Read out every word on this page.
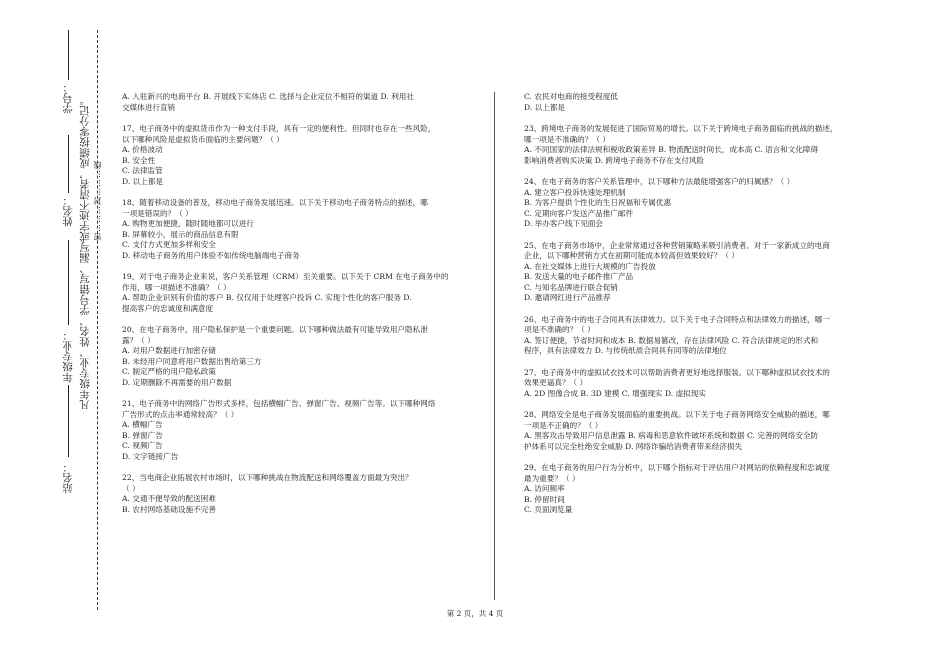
学号：
姓名：
年级专业：
站名：
凡年级专业、姓名、学号错写、漏写或字迹不清者，成绩按零分记。 密………封………线

A. 入驻新兴的电商平台 B. 开展线下实体店 C. 选择与企业定位不相符的渠道 D. 利用社

交媒体进行直销

17、电子商务中的虚拟货币作为一种支付手段，具有一定的便利性。但同时也存在一些风险，

以下哪种风险是虚拟货币面临的主要问题？（ ）

A. 价格波动

B. 安全性

C. 法律监管

D. 以上都是

18、随着移动设备的普及，移动电子商务发展迅速。以下关于移动电子商务特点的描述，哪

一项是错误的？（ ）

A. 购物更加便捷，随时随地都可以进行

B. 屏幕较小，展示的商品信息有限

C. 支付方式更加多样和安全

D. 移动电子商务的用户体验不如传统电脑端电子商务

19、对于电子商务企业来说，客户关系管理（CRM）至关重要。以下关于 CRM 在电子商务中的

作用，哪一项描述不准确？（ ）

A. 帮助企业识别有价值的客户 B. 仅仅用于处理客户投诉 C. 实现个性化的客户服务 D.

提高客户的忠诚度和满意度

20、在电子商务中，用户隐私保护是一个重要问题。以下哪种做法最有可能导致用户隐私泄

露？（ ）

A. 对用户数据进行加密存储

B. 未经用户同意将用户数据出售给第三方

C. 制定严格的用户隐私政策

D. 定期删除不再需要的用户数据

21、电子商务中的网络广告形式多样，包括横幅广告、弹窗广告、视频广告等。以下哪种网络

广告形式的点击率通常较高？（ ）

A. 横幅广告

B. 弹窗广告

C. 视频广告

D. 文字链接广告

22、当电商企业拓展农村市场时，以下哪种挑战在物流配送和网络覆盖方面最为突出？

（ ）

A. 交通不便导致的配送困难

B. 农村网络基础设施不完善

C. 农民对电商的接受程度低

D. 以上都是

23、跨境电子商务的发展促进了国际贸易的增长。以下关于跨境电子商务面临的挑战的描述，

哪一项是不准确的？（ ）

A. 不同国家的法律法规和税收政策差异 B. 物流配送时间长，成本高 C. 语言和文化障碍

影响消费者购买决策 D. 跨境电子商务不存在支付风险

24、在电子商务的客户关系管理中，以下哪种方法最能增强客户的归属感？（ ）

A. 建立客户投诉快速处理机制

B. 为客户提供个性化的生日祝福和专属优惠

C. 定期向客户发送产品推广邮件

D. 举办客户线下见面会

25、在电子商务市场中，企业常常通过各种营销策略来吸引消费者。对于一家新成立的电商

企业，以下哪种营销方式在初期可能成本较高但效果较好？（ ）

A. 在社交媒体上进行大规模的广告投放

B. 发送大量的电子邮件推广产品

C. 与知名品牌进行联合促销

D. 邀请网红进行产品推荐

26、电子商务中的电子合同具有法律效力。以下关于电子合同特点和法律效力的描述，哪一

项是不准确的？（ ）

A. 签订便捷，节省时间和成本 B. 数据易篡改，存在法律风险 C. 符合法律规定的形式和

程序，具有法律效力 D. 与传统纸质合同具有同等的法律地位

27、电子商务中的虚拟试衣技术可以帮助消费者更好地选择服装。以下哪种虚拟试衣技术的

效果更逼真？（ ）

A. 2D 图像合成 B. 3D 建模 C. 增强现实 D. 虚拟现实

28、网络安全是电子商务发展面临的重要挑战。以下关于电子商务网络安全威胁的描述，哪

一项是不正确的？（ ）

A. 黑客攻击导致用户信息泄露 B. 病毒和恶意软件破坏系统和数据 C. 完善的网络安全防

护体系可以完全杜绝安全威胁 D. 网络诈骗给消费者带来经济损失

29、在电子商务的用户行为分析中，以下哪个指标对于评估用户对网站的依赖程度和忠诚度

最为重要？（ ）

A. 访问频率

B. 停留时间

C. 页面浏览量

第 2 页，共 4 页
